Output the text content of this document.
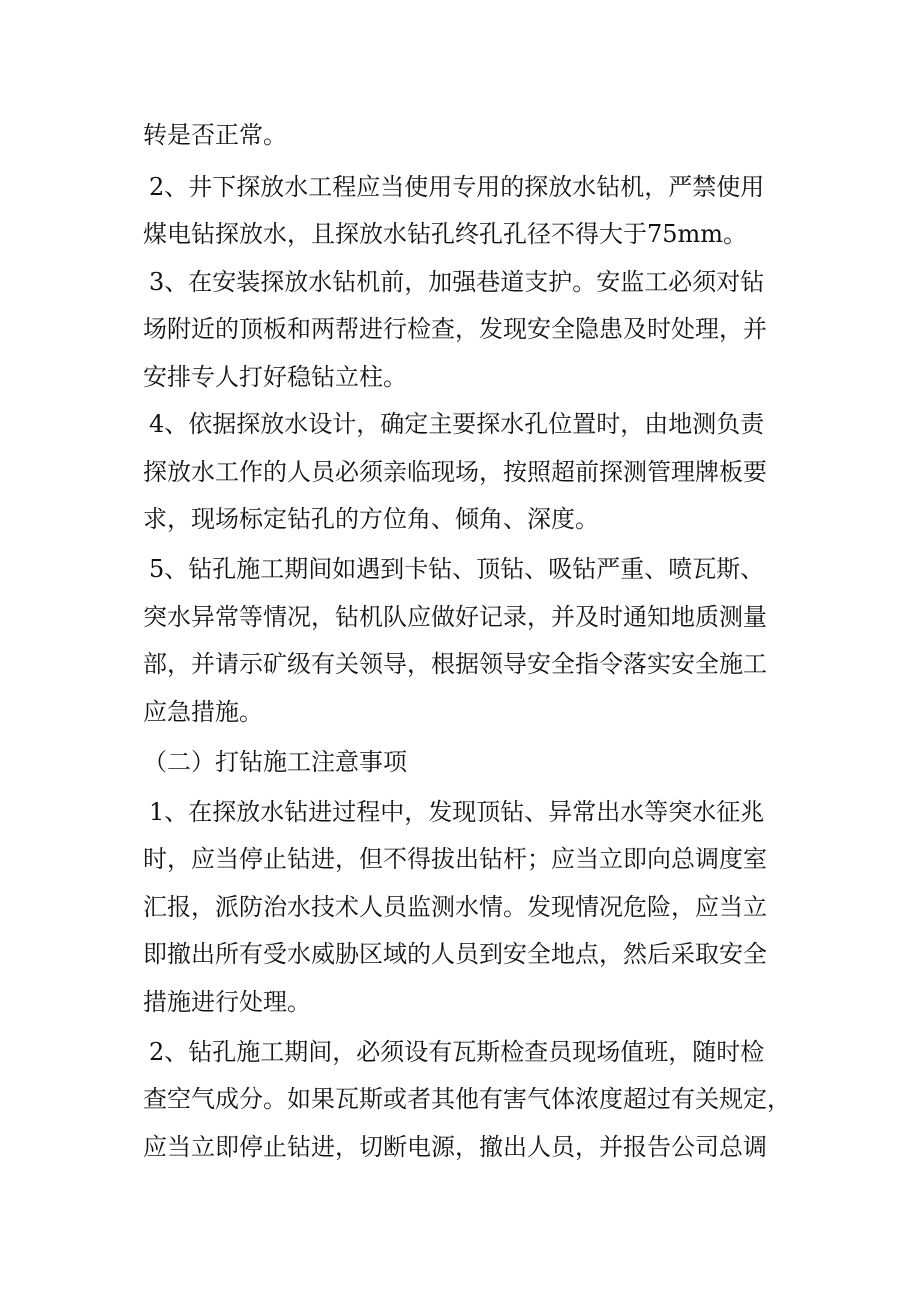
转是否正常。
2、井下探放水工程应当使用专用的探放水钻机，严禁使用
煤电钻探放水，且探放水钻孔终孔孔径不得大于75mm。
3、在安装探放水钻机前，加强巷道支护。安监工必须对钻
场附近的顶板和两帮进行检查，发现安全隐患及时处理，并
安排专人打好稳钻立柱。
4、依据探放水设计，确定主要探水孔位置时，由地测负责
探放水工作的人员必须亲临现场，按照超前探测管理牌板要
求，现场标定钻孔的方位角、倾角、深度。
5、钻孔施工期间如遇到卡钻、顶钻、吸钻严重、喷瓦斯、
突水异常等情况，钻机队应做好记录，并及时通知地质测量
部，并请示矿级有关领导，根据领导安全指令落实安全施工
应急措施。
（二）打钻施工注意事项
1、在探放水钻进过程中，发现顶钻、异常出水等突水征兆
时，应当停止钻进，但不得拔出钻杆；应当立即向总调度室
汇报，派防治水技术人员监测水情。发现情况危险，应当立
即撤出所有受水威胁区域的人员到安全地点，然后采取安全
措施进行处理。
2、钻孔施工期间，必须设有瓦斯检查员现场值班，随时检
查空气成分。如果瓦斯或者其他有害气体浓度超过有关规定，
应当立即停止钻进，切断电源，撤出人员，并报告公司总调
